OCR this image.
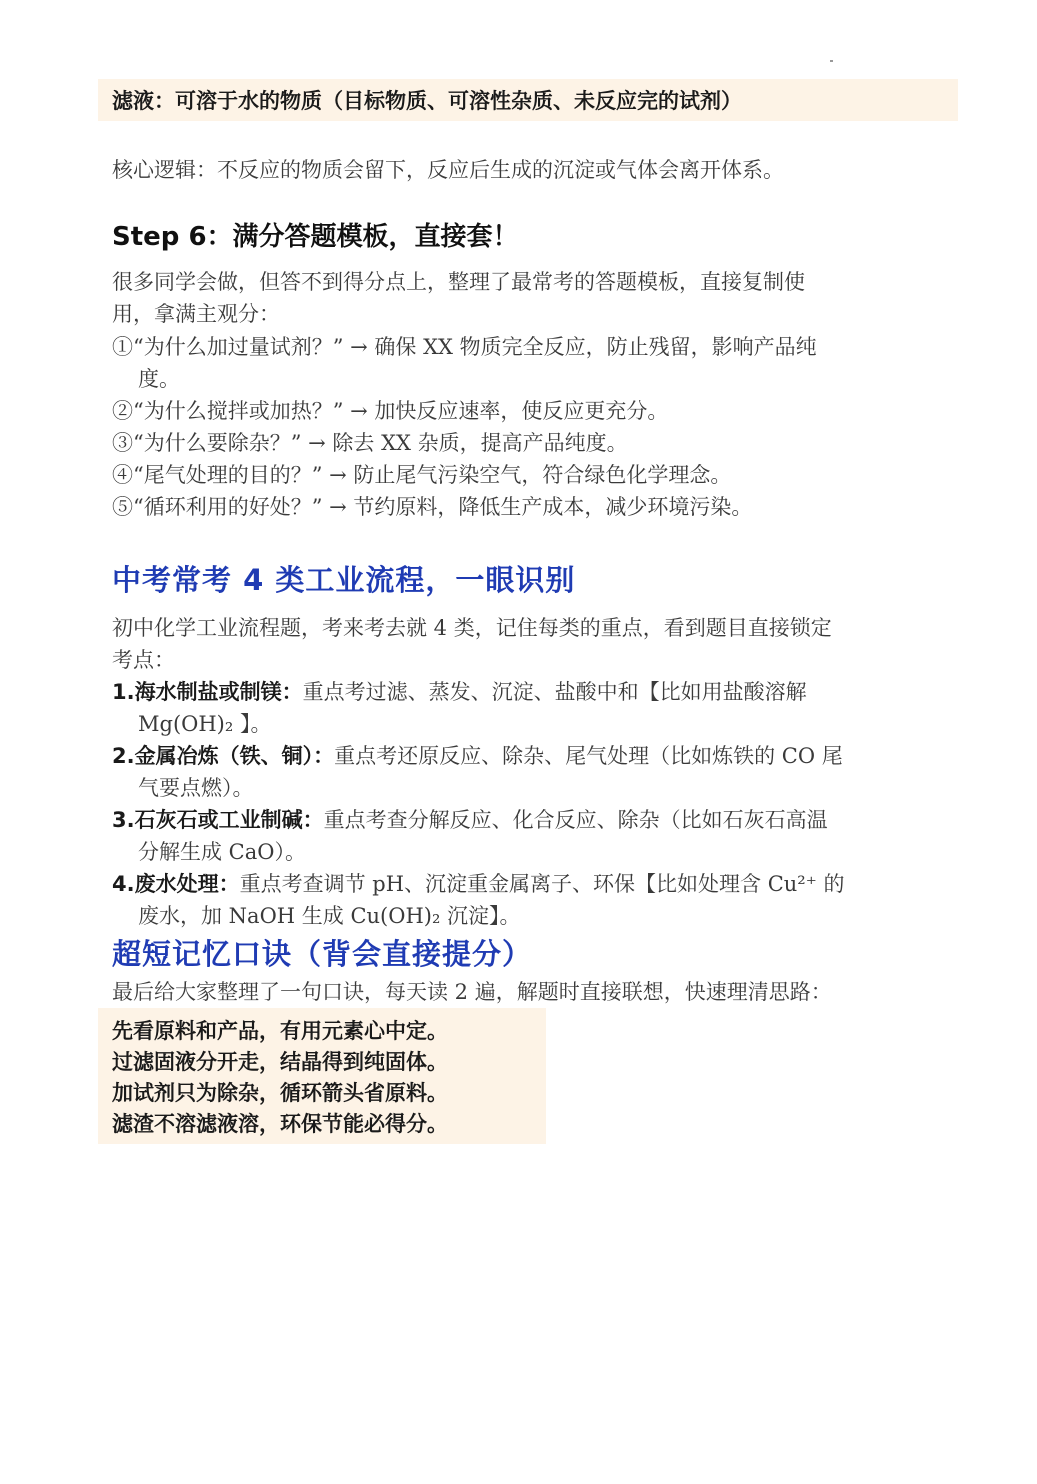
滤液：可溶于水的物质（目标物质、可溶性杂质、未反应完的试剂）
核心逻辑：不反应的物质会留下，反应后生成的沉淀或气体会离开体系。
Step 6：满分答题模板，直接套！
很多同学会做，但答不到得分点上，整理了最常考的答题模板，直接复制使
用，拿满主观分：
①“为什么加过量试剂？” → 确保 XX 物质完全反应，防止残留，影响产品纯
度。
②“为什么搅拌或加热？” → 加快反应速率，使反应更充分。
③“为什么要除杂？” → 除去 XX 杂质，提高产品纯度。
④“尾气处理的目的？” → 防止尾气污染空气，符合绿色化学理念。
⑤“循环利用的好处？” → 节约原料，降低生产成本，减少环境污染。
中考常考 4 类工业流程，一眼识别
初中化学工业流程题，考来考去就 4 类，记住每类的重点，看到题目直接锁定
考点：
1.海水制盐或制镁：重点考过滤、蒸发、沉淀、盐酸中和【比如用盐酸溶解
Mg(OH)₂ 】。
2.金属冶炼（铁、铜）：重点考还原反应、除杂、尾气处理（比如炼铁的 CO 尾
气要点燃）。
3.石灰石或工业制碱：重点考查分解反应、化合反应、除杂（比如石灰石高温
分解生成 CaO）。
4.废水处理：重点考查调节 pH、沉淀重金属离子、环保【比如处理含 Cu²⁺ 的
废水，加 NaOH 生成 Cu(OH)₂ 沉淀】。
超短记忆口诀（背会直接提分）
最后给大家整理了一句口诀，每天读 2 遍，解题时直接联想，快速理清思路：
先看原料和产品，有用元素心中定。
过滤固液分开走，结晶得到纯固体。
加试剂只为除杂，循环箭头省原料。
滤渣不溶滤液溶，环保节能必得分。
